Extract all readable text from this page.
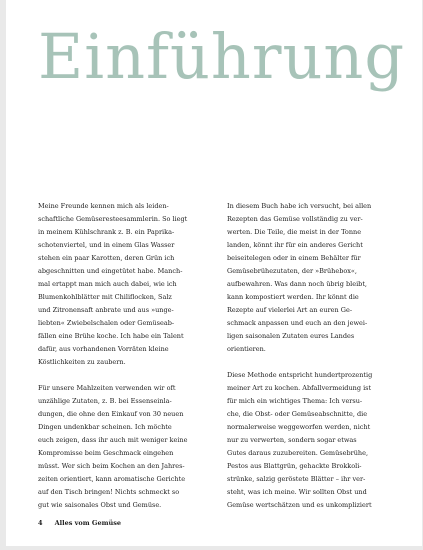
Einführung

Meine Freunde kennen mich als leiden-
schaftliche Gemüseresteesammlerin. So liegt
in meinem Kühlschrank z. B. ein Paprika-
schotenviertel, und in einem Glas Wasser
stehen ein paar Karotten, deren Grün ich
abgeschnitten und eingetütet habe. Manch-
mal ertappt man mich auch dabei, wie ich
Blumenkohlblätter mit Chiliflocken, Salz
und Zitronensaft anbrate und aus »unge-
liebten« Zwiebelschalen oder Gemüseab-
fällen eine Brühe koche. Ich habe ein Talent
dafür, aus vorhandenen Vorräten kleine
Köstlichkeiten zu zaubern.

Für unsere Mahlzeiten verwenden wir oft
unzählige Zutaten, z. B. bei Essenseinla-
dungen, die ohne den Einkauf von 30 neuen
Dingen undenkbar scheinen. Ich möchte
euch zeigen, dass ihr auch mit weniger keine
Kompromisse beim Geschmack eingehen
müsst. Wer sich beim Kochen an den Jahres-
zeiten orientiert, kann aromatische Gerichte
auf den Tisch bringen! Nichts schmeckt so
gut wie saisonales Obst und Gemüse.

In diesem Buch habe ich versucht, bei allen
Rezepten das Gemüse vollständig zu ver-
werten. Die Teile, die meist in der Tonne
landen, könnt ihr für ein anderes Gericht
beiseitelegen oder in einem Behälter für
Gemüsebrühezutaten, der »Brühebox«,
aufbewahren. Was dann noch übrig bleibt,
kann kompostiert werden. Ihr könnt die
Rezepte auf vielerlei Art an euren Ge-
schmack anpassen und euch an den jewei-
ligen saisonalen Zutaten eures Landes
orientieren.

Diese Methode entspricht hundertprozentig
meiner Art zu kochen. Abfallvermeidung ist
für mich ein wichtiges Thema: Ich versu-
che, die Obst- oder Gemüseabschnitte, die
normalerweise weggeworfen werden, nicht
nur zu verwerten, sondern sogar etwas
Gutes daraus zuzubereiten. Gemüsebrühe,
Pestos aus Blattgrün, gehackte Brokkoli-
strünke, salzig geröstete Blätter – ihr ver-
steht, was ich meine. Wir sollten Obst und
Gemüse wertschätzen und es unkompliziert

4 Alles vom Gemüse
